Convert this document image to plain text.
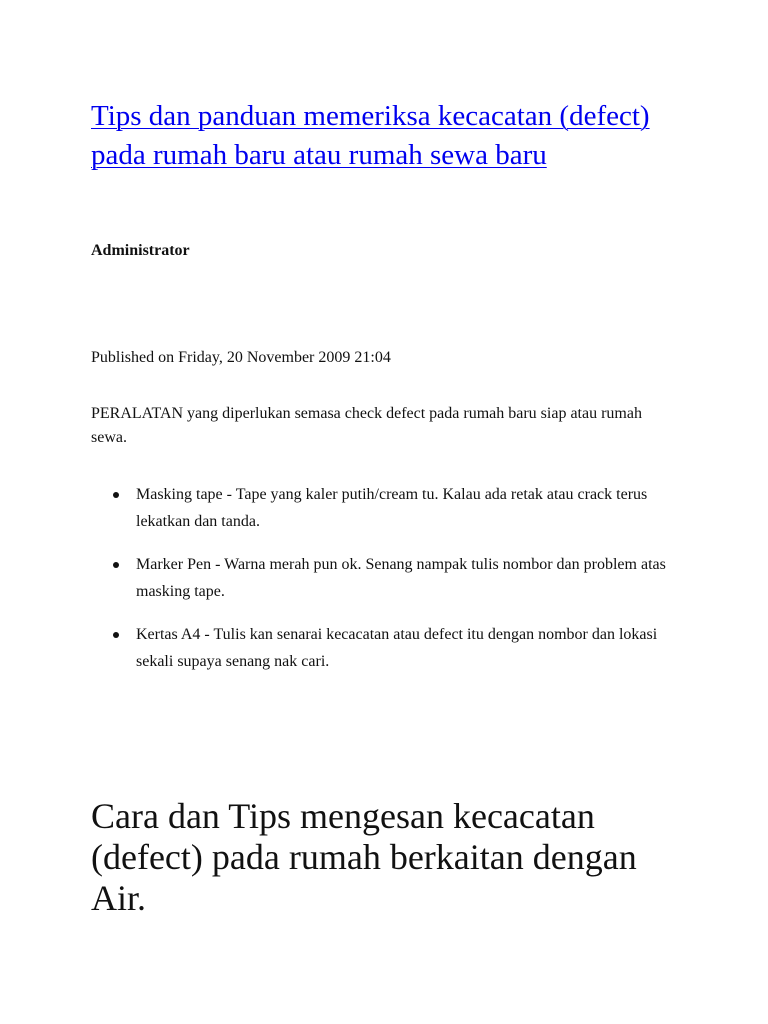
Tips dan panduan memeriksa kecacatan (defect) pada rumah baru atau rumah sewa baru

Administrator

Published on Friday, 20 November 2009 21:04

PERALATAN yang diperlukan semasa check defect pada rumah baru siap atau rumah sewa.

Masking tape - Tape yang kaler putih/cream tu. Kalau ada retak atau crack terus lekatkan dan tanda.
Marker Pen - Warna merah pun ok. Senang nampak tulis nombor dan problem atas masking tape.
Kertas A4 - Tulis kan senarai kecacatan atau defect itu dengan nombor dan lokasi sekali supaya senang nak cari.
Cara dan Tips mengesan kecacatan (defect) pada rumah berkaitan dengan Air.
